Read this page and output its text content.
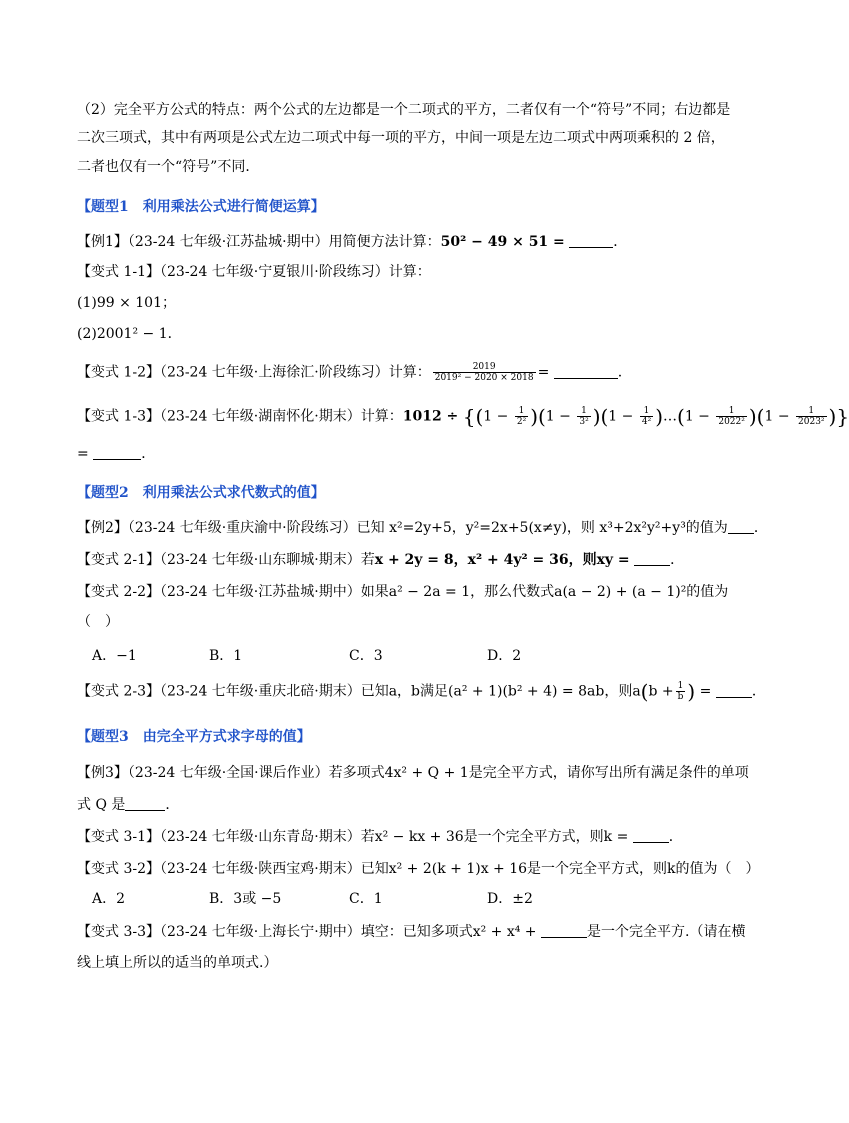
（2）完全平方公式的特点：两个公式的左边都是一个二项式的平方，二者仅有一个“符号”不同；右边都是
二次三项式，其中有两项是公式左边二项式中每一项的平方，中间一项是左边二项式中两项乘积的 2 倍，
二者也仅有一个“符号”不同．
【题型1　利用乘法公式进行简便运算】
【例1】（23-24 七年级·江苏盐城·期中）用简便方法计算：50² − 49 × 51 =	．
【变式 1-1】（23-24 七年级·宁夏银川·阶段练习）计算：
(1)99 × 101；
(2)2001² − 1．
【变式 1-2】（23-24 七年级·上海徐汇·阶段练习）计算： $\frac{2019}{\text{2019² − 2020 × 2018}}$ =	.
【变式 1-3】（23-24 七年级·湖南怀化·期末）计算：$1012 \div \{(1 - \frac{1}{\text{2²}} )(1 - \frac{1}{\text{3²}} )(1 - \frac{1}{\text{4²}}$ )…(1 − $\frac{1}{\text{2022²}} )(1 - \frac{1}{\text{2023²}}$ )}
=	．
【题型2　利用乘法公式求代数式的值】
【例2】（23-24 七年级·重庆渝中·阶段练习）已知 x²=2y+5，y²=2x+5(x≠y)，则 x³+2x²y²+y³的值为 ．
【变式 2-1】（23-24 七年级·山东聊城·期末）若x + 2y = 8，x² + 4y² = 36，则xy =	．
【变式 2-2】（23-24 七年级·江苏盐城·期中）如果a² − 2a = 1，那么代数式a(a − 2) + (a − 1)²的值为
（　）
A．−1	B．1	C．3	D．2
【变式 2-3】（23-24 七年级·重庆北碚·期末）已知a，b满足(a² + 1)(b² + 4) = 8ab，则$a(b + \frac{1}{b}$ ) =	．
【题型3　由完全平方式求字母的值】
【例3】（23-24 七年级·全国·课后作业）若多项式4x² + Q + 1是完全平方式，请你写出所有满足条件的单项
式 Q 是	．
【变式 3-1】（23-24 七年级·山东青岛·期末）若x² − kx + 36是一个完全平方式，则k =	．
【变式 3-2】（23-24 七年级·陕西宝鸡·期末）已知x² + 2(k + 1)x + 16是一个完全平方式，则k的值为（　）
A．2	B．3或 −5	C．1	D．±2
【变式 3-3】（23-24 七年级·上海长宁·期中）填空：已知多项式x² + x⁴ +	是一个完全平方.（请在横
线上填上所以的适当的单项式.）
